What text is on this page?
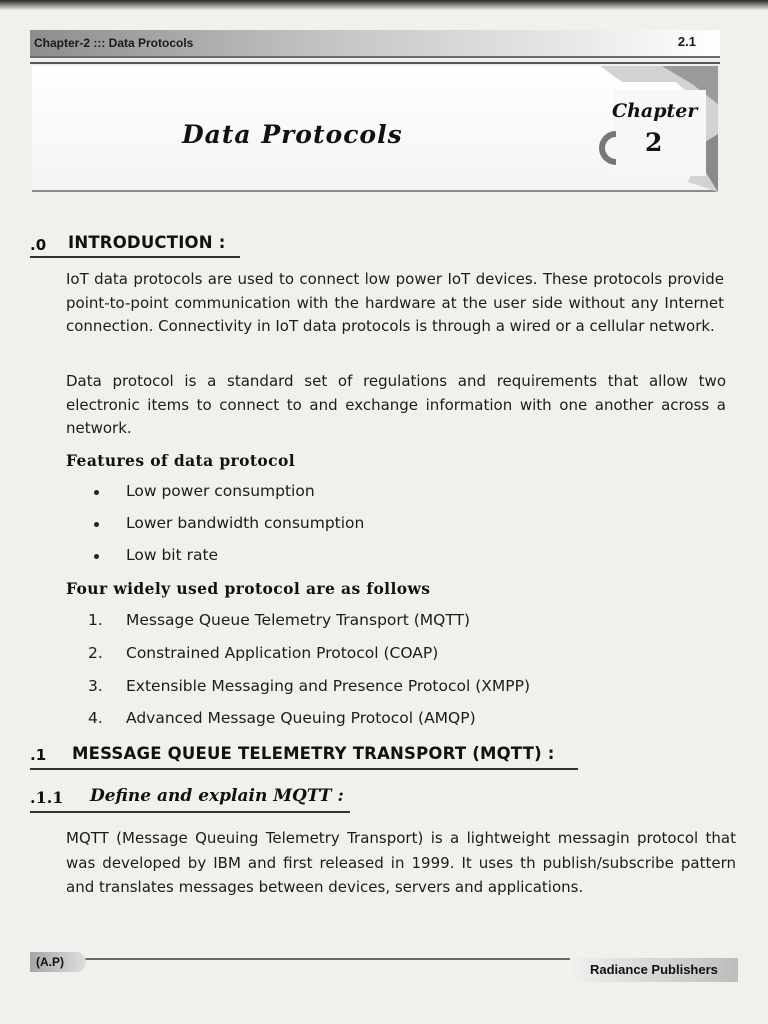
Chapter-2 ::: Data Protocols	2.1
Data Protocols
Chapter
2
.0 INTRODUCTION :

IoT data protocols are used to connect low power IoT devices. These protocols provide point-to-point communication with the hardware at the user side without any Internet connection. Connectivity in IoT data protocols is through a wired or a cellular network.

Data protocol is a standard set of regulations and requirements that allow two electronic items to connect to and exchange information with one another across a network.

Features of data protocol
Low power consumption
Lower bandwidth consumption
Low bit rate
Four widely used protocol are as follows
1. Message Queue Telemetry Transport (MQTT)
2. Constrained Application Protocol (COAP)
3. Extensible Messaging and Presence Protocol (XMPP)
4. Advanced Message Queuing Protocol (AMQP)
.1 MESSAGE QUEUE TELEMETRY TRANSPORT (MQTT) :
.1.1 Define and explain MQTT :

MQTT (Message Queuing Telemetry Transport) is a lightweight messagin protocol that was developed by IBM and first released in 1999. It uses th publish/subscribe pattern and translates messages between devices, servers and applications.

(A.P)	Radiance Publishers
